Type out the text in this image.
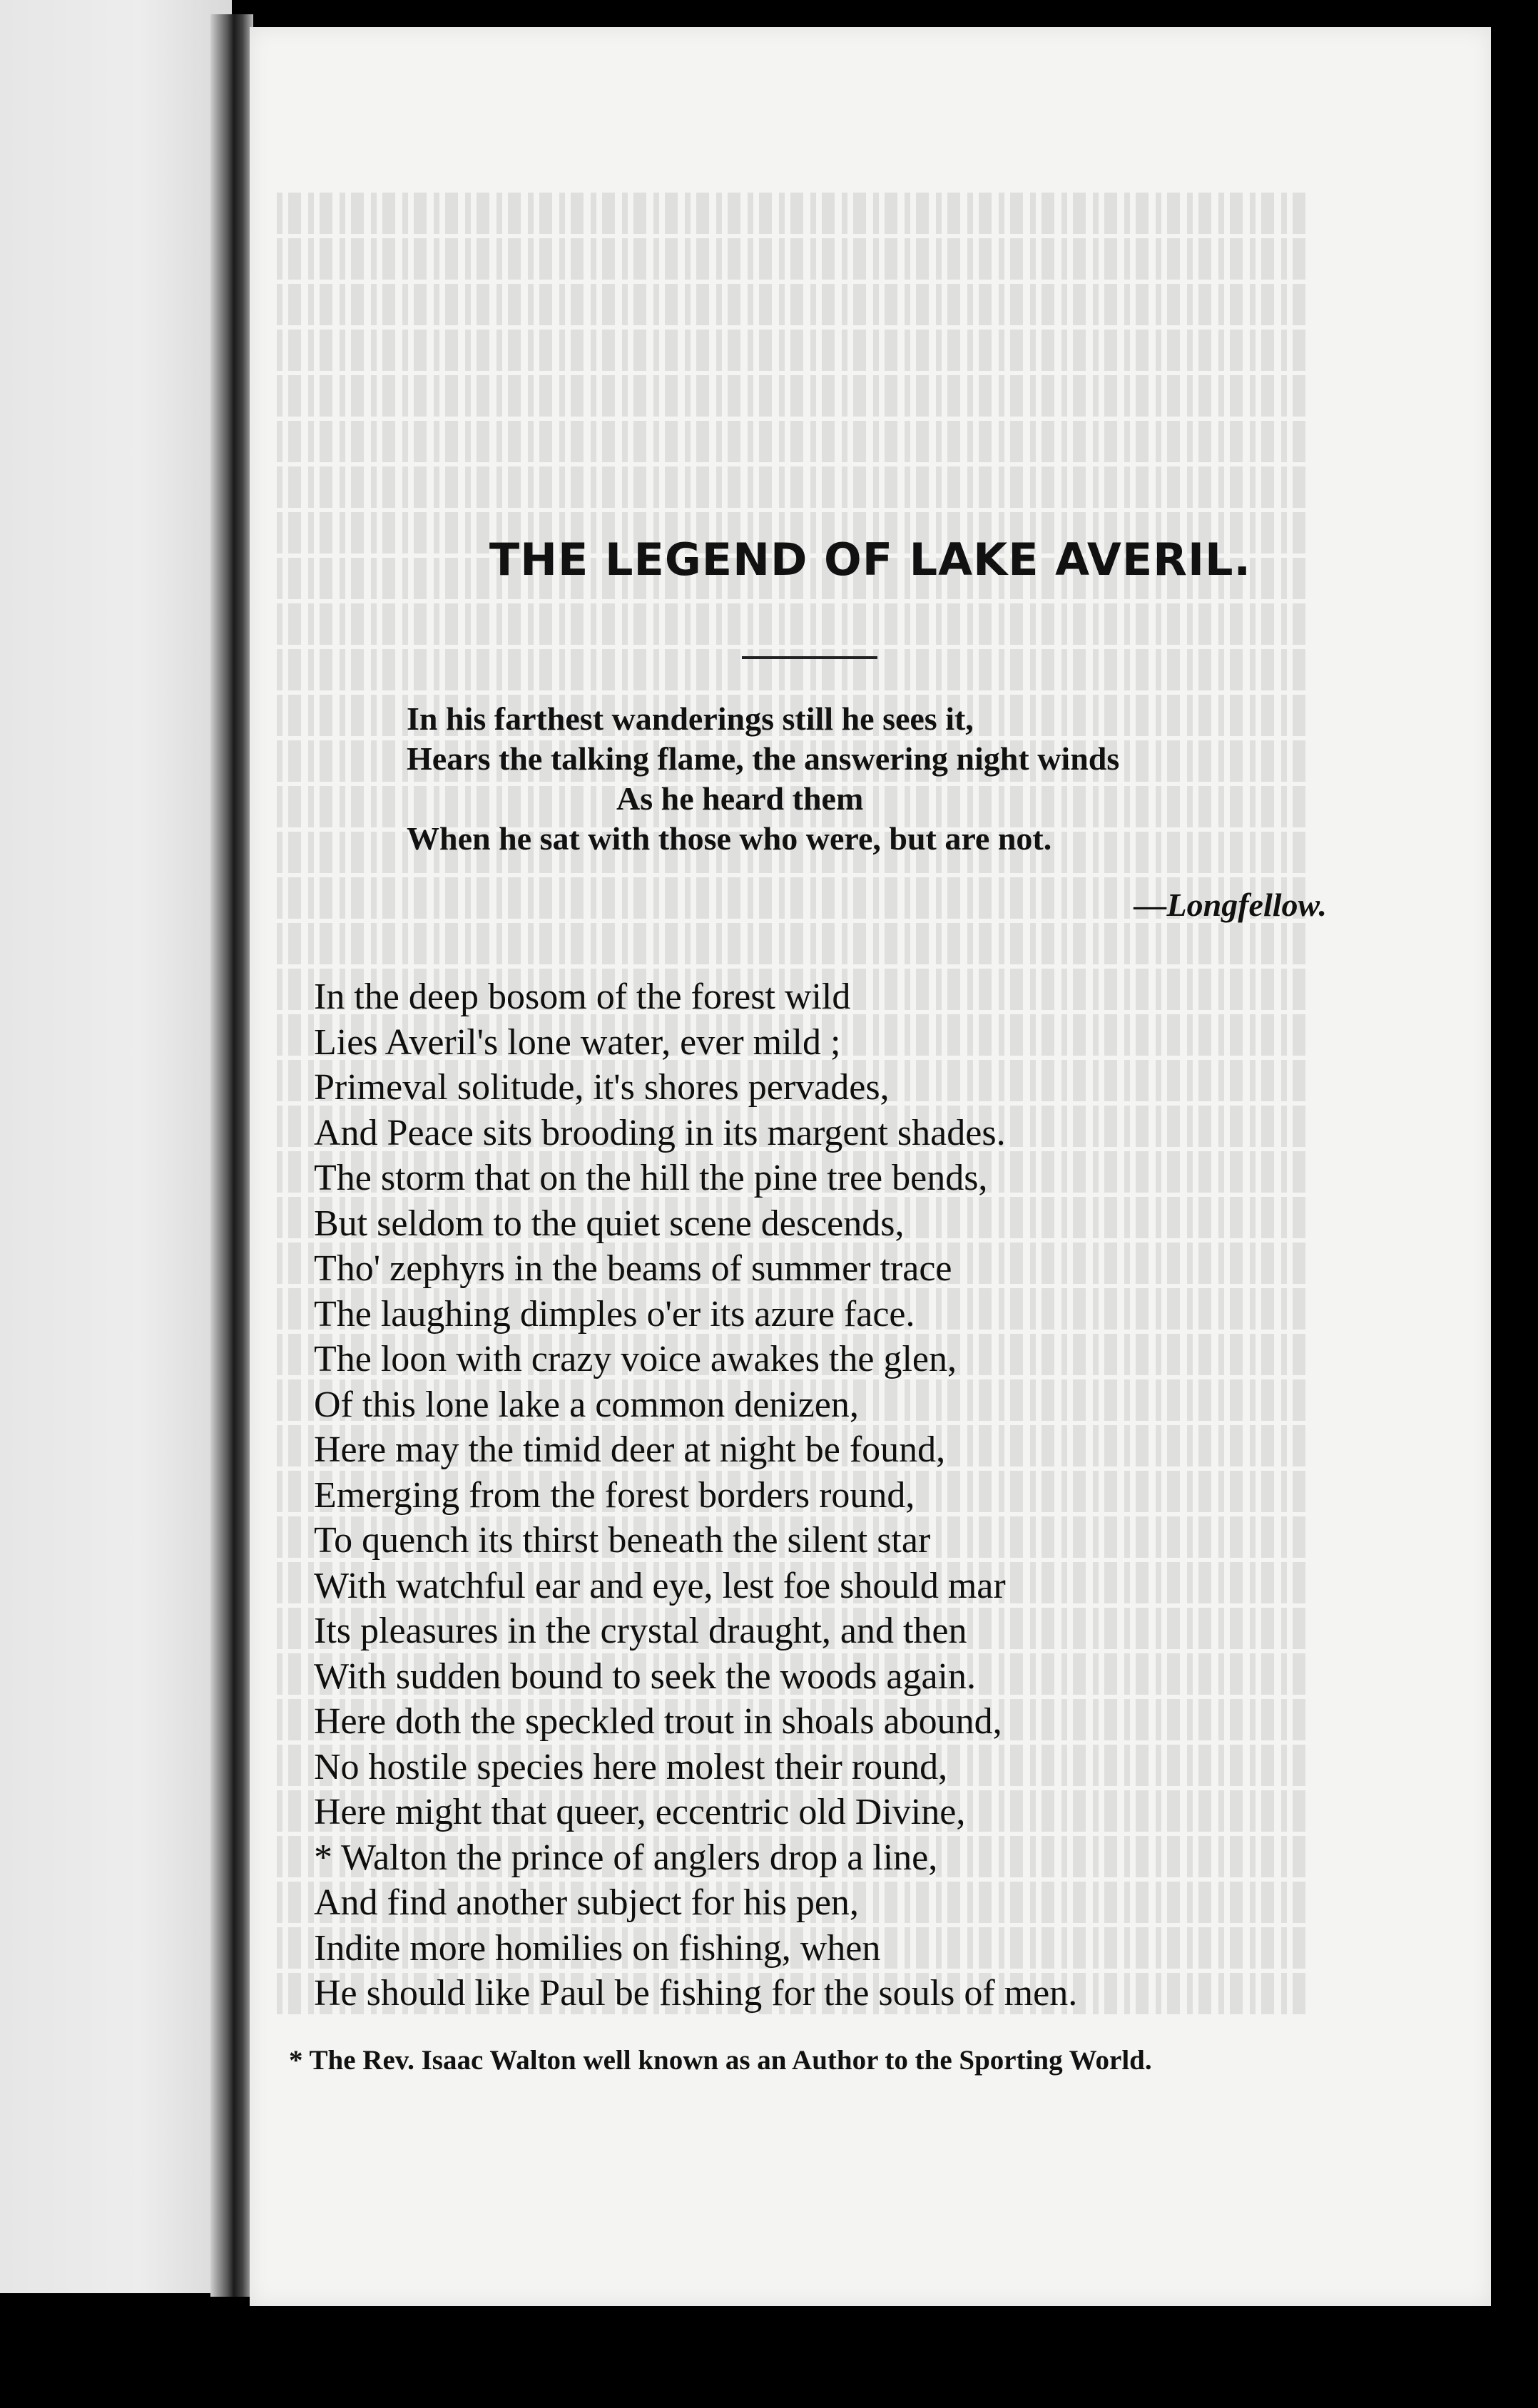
THE LEGEND OF LAKE AVERIL.
In his farthest wanderings still he sees it,
Hears the talking flame, the answering night winds
As he heard them
When he sat with those who were, but are not.
—Longfellow.
In the deep bosom of the forest wild
Lies Averil's lone water, ever mild ;
Primeval solitude, it's shores pervades,
And Peace sits brooding in its margent shades.
The storm that on the hill the pine tree bends,
But seldom to the quiet scene descends,
Tho' zephyrs in the beams of summer trace
The laughing dimples o'er its azure face.
The loon with crazy voice awakes the glen,
Of this lone lake a common denizen,
Here may the timid deer at night be found,
Emerging from the forest borders round,
To quench its thirst beneath the silent star
With watchful ear and eye, lest foe should mar
Its pleasures in the crystal draught, and then
With sudden bound to seek the woods again.
Here doth the speckled trout in shoals abound,
No hostile species here molest their round,
Here might that queer, eccentric old Divine,
* Walton the prince of anglers drop a line,
And find another subject for his pen,
Indite more homilies on fishing, when
He should like Paul be fishing for the souls of men.
* The Rev. Isaac Walton well known as an Author to the Sporting World.
